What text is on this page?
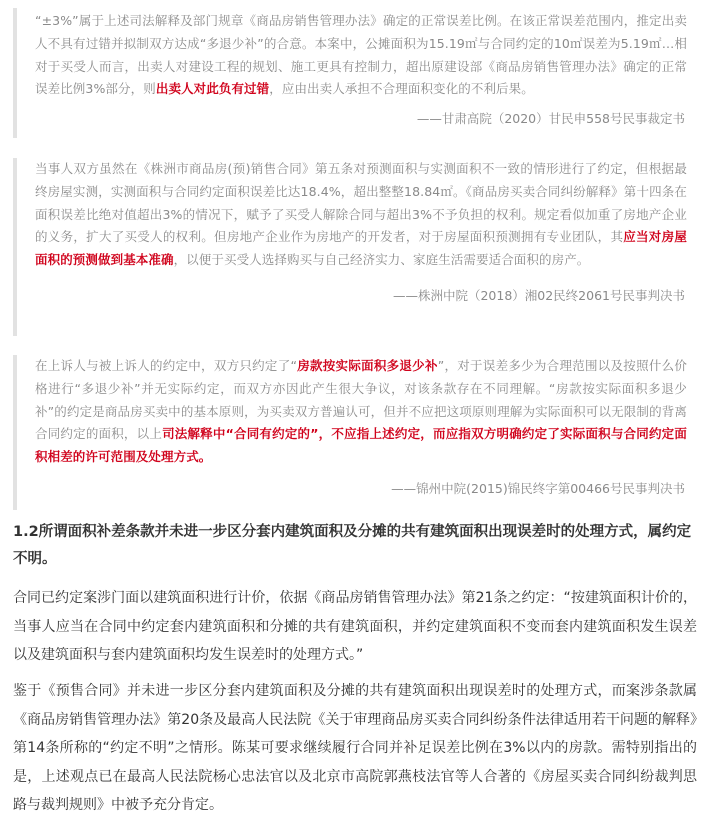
“±3%”属于上述司法解释及部门规章《商品房销售管理办法》确定的正常误差比例。在该正常误差范围内，推定出卖人不具有过错并拟制双方达成“多退少补”的合意。本案中，公摊面积为15.19㎡与合同约定的10㎡误差为5.19㎡…相对于买受人而言，出卖人对建设工程的规划、施工更具有控制力，超出原建设部《商品房销售管理办法》确定的正常误差比例3%部分，则出卖人对此负有过错，应由出卖人承担不合理面积变化的不利后果。

——甘肃高院（2020）甘民申558号民事裁定书

当事人双方虽然在《株洲市商品房(预)销售合同》第五条对预测面积与实测面积不一致的情形进行了约定，但根据最终房屋实测，实测面积与合同约定面积误差比达18.4%，超出整整18.84㎡。《商品房买卖合同纠纷解释》第十四条在面积误差比绝对值超出3%的情况下，赋予了买受人解除合同与超出3%不予负担的权利。规定看似加重了房地产企业的义务，扩大了买受人的权利。但房地产企业作为房地产的开发者，对于房屋面积预测拥有专业团队，其应当对房屋面积的预测做到基本准确，以便于买受人选择购买与自己经济实力、家庭生活需要适合面积的房产。

——株洲中院（2018）湘02民终2061号民事判决书

在上诉人与被上诉人的约定中，双方只约定了“房款按实际面积多退少补”，对于误差多少为合理范围以及按照什么价格进行“多退少补”并无实际约定，而双方亦因此产生很大争议，对该条款存在不同理解。“房款按实际面积多退少补”的约定是商品房买卖中的基本原则，为买卖双方普遍认可，但并不应把这项原则理解为实际面积可以无限制的背离合同约定的面积，以上司法解释中“合同有约定的”，不应指上述约定，而应指双方明确约定了实际面积与合同约定面积相差的许可范围及处理方式。

——锦州中院(2015)锦民终字第00466号民事判决书

1.2所谓面积补差条款并未进一步区分套内建筑面积及分摊的共有建筑面积出现误差时的处理方式，属约定不明。

合同已约定案涉门面以建筑面积进行计价，依据《商品房销售管理办法》第21条之约定：“按建筑面积计价的，当事人应当在合同中约定套内建筑面积和分摊的共有建筑面积，并约定建筑面积不变而套内建筑面积发生误差以及建筑面积与套内建筑面积均发生误差时的处理方式。”

鉴于《预售合同》并未进一步区分套内建筑面积及分摊的共有建筑面积出现误差时的处理方式，而案涉条款属《商品房销售管理办法》第20条及最高人民法院《关于审理商品房买卖合同纠纷条件法律适用若干问题的解释》第14条所称的“约定不明”之情形。陈某可要求继续履行合同并补足误差比例在3%以内的房款。需特别指出的是，上述观点已在最高人民法院杨心忠法官以及北京市高院郭燕枝法官等人合著的《房屋买卖合同纠纷裁判思路与裁判规则》中被予充分肯定。
